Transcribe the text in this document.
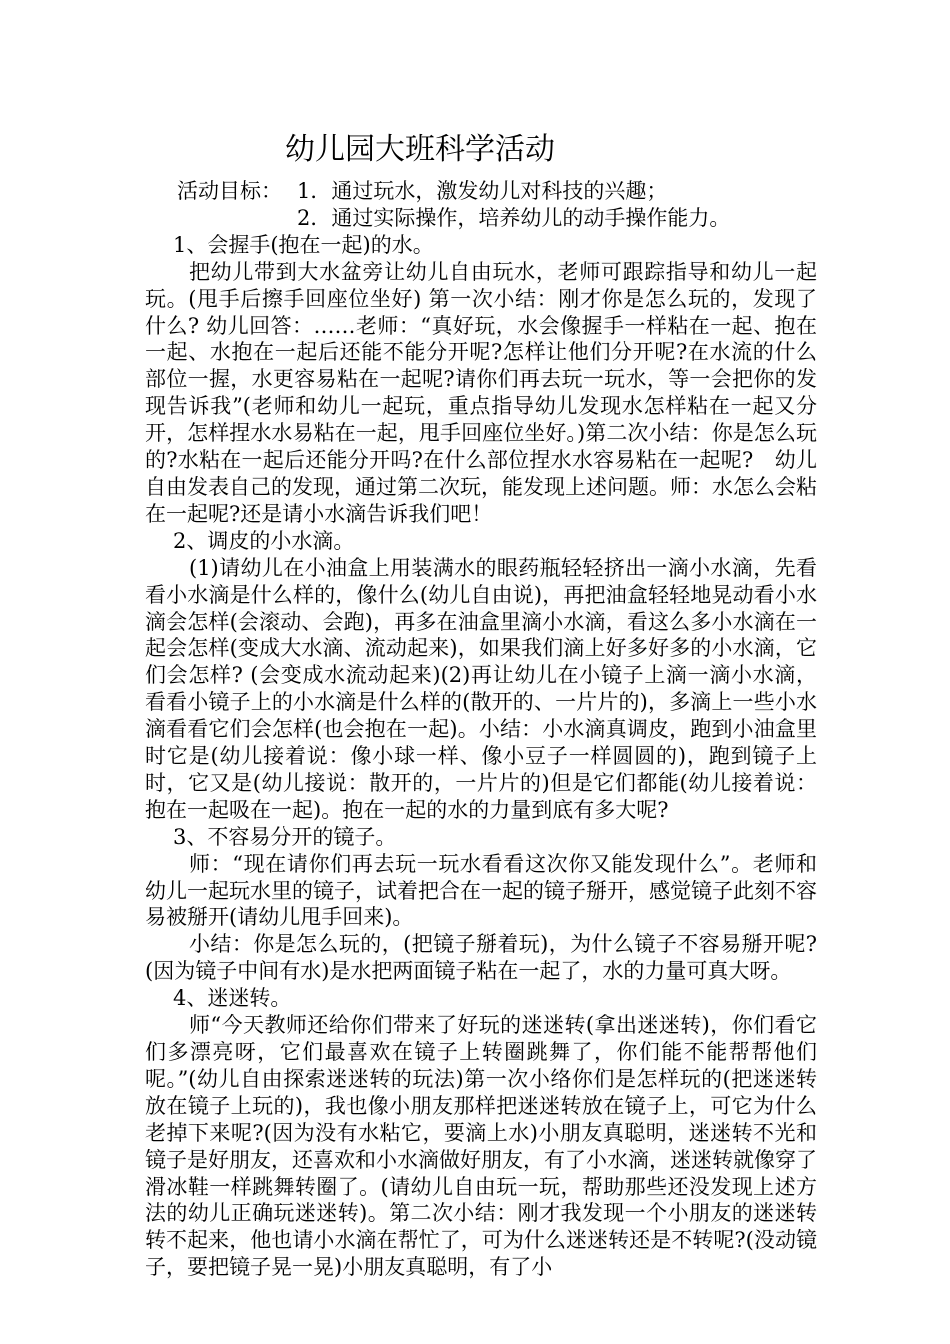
幼儿园大班科学活动
活动目标： 1．通过玩水，激发幼儿对科技的兴趣；
2．通过实际操作，培养幼儿的动手操作能力。
1、会握手(抱在一起)的水。

把幼儿带到大水盆旁让幼儿自由玩水，老师可跟踪指导和幼儿一起玩。(甩手后擦手回座位坐好) 第一次小结：刚才你是怎么玩的，发现了什么? 幼儿回答：……老师：“真好玩，水会像握手一样粘在一起、抱在一起、水抱在一起后还能不能分开呢?怎样让他们分开呢?在水流的什么部位一握，水更容易粘在一起呢?请你们再去玩一玩水，等一会把你的发现告诉我”(老师和幼儿一起玩，重点指导幼儿发现水怎样粘在一起又分开，怎样捏水水易粘在一起，甩手回座位坐好。)第二次小结：你是怎么玩的?水粘在一起后还能分开吗?在什么部位捏水水容易粘在一起呢?　幼儿自由发表自己的发现，通过第二次玩，能发现上述问题。师：水怎么会粘在一起呢?还是请小水滴告诉我们吧！

2、调皮的小水滴。

(1)请幼儿在小油盒上用装满水的眼药瓶轻轻挤出一滴小水滴，先看看小水滴是什么样的，像什么(幼儿自由说)，再把油盒轻轻地晃动看小水滴会怎样(会滚动、会跑)，再多在油盒里滴小水滴，看这么多小水滴在一起会怎样(变成大水滴、流动起来)，如果我们滴上好多好多的小水滴，它们会怎样? (会变成水流动起来)(2)再让幼儿在小镜子上滴一滴小水滴，看看小镜子上的小水滴是什么样的(散开的、一片片的)，多滴上一些小水滴看看它们会怎样(也会抱在一起)。小结：小水滴真调皮，跑到小油盒里时它是(幼儿接着说：像小球一样、像小豆子一样圆圆的)，跑到镜子上时，它又是(幼儿接说：散开的，一片片的)但是它们都能(幼儿接着说：抱在一起吸在一起)。抱在一起的水的力量到底有多大呢?

3、不容易分开的镜子。

师：“现在请你们再去玩一玩水看看这次你又能发现什么”。老师和幼儿一起玩水里的镜子，试着把合在一起的镜子掰开，感觉镜子此刻不容易被掰开(请幼儿甩手回来)。

小结：你是怎么玩的，(把镜子掰着玩)，为什么镜子不容易掰开呢?(因为镜子中间有水)是水把两面镜子粘在一起了，水的力量可真大呀。

4、迷迷转。

师“今天教师还给你们带来了好玩的迷迷转(拿出迷迷转)，你们看它们多漂亮呀，它们最喜欢在镜子上转圈跳舞了，你们能不能帮帮他们呢。”(幼儿自由探索迷迷转的玩法)第一次小络你们是怎样玩的(把迷迷转放在镜子上玩的)，我也像小朋友那样把迷迷转放在镜子上，可它为什么老掉下来呢?(因为没有水粘它，要滴上水)小朋友真聪明，迷迷转不光和镜子是好朋友，还喜欢和小水滴做好朋友，有了小水滴，迷迷转就像穿了滑冰鞋一样跳舞转圈了。(请幼儿自由玩一玩，帮助那些还没发现上述方法的幼儿正确玩迷迷转)。第二次小结：刚才我发现一个小朋友的迷迷转转不起来，他也请小水滴在帮忙了，可为什么迷迷转还是不转呢?(没动镜子，要把镜子晃一晃)小朋友真聪明，有了小
